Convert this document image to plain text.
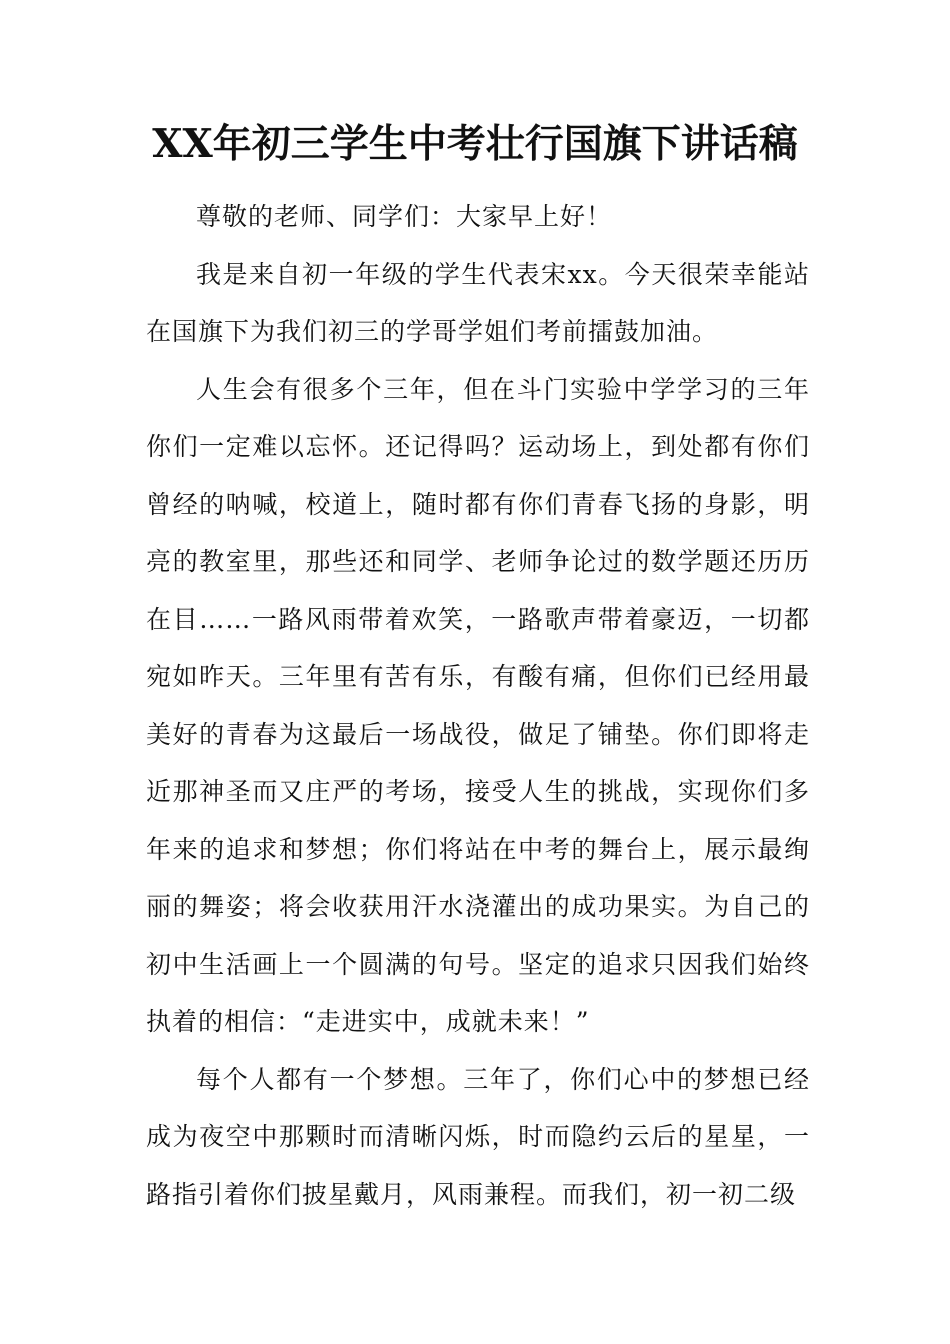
XX年初三学生中考壮行国旗下讲话稿

尊敬的老师、同学们：大家早上好！

我是来自初一年级的学生代表宋xx。今天很荣幸能站在国旗下为我们初三的学哥学姐们考前擂鼓加油。

人生会有很多个三年，但在斗门实验中学学习的三年你们一定难以忘怀。还记得吗？运动场上，到处都有你们曾经的呐喊，校道上，随时都有你们青春飞扬的身影，明亮的教室里，那些还和同学、老师争论过的数学题还历历在目……一路风雨带着欢笑，一路歌声带着豪迈，一切都宛如昨天。三年里有苦有乐，有酸有痛，但你们已经用最美好的青春为这最后一场战役，做足了铺垫。你们即将走近那神圣而又庄严的考场，接受人生的挑战，实现你们多年来的追求和梦想；你们将站在中考的舞台上，展示最绚丽的舞姿；将会收获用汗水浇灌出的成功果实。为自己的初中生活画上一个圆满的句号。坚定的追求只因我们始终执着的相信：“走进实中，成就未来！”

每个人都有一个梦想。三年了，你们心中的梦想已经成为夜空中那颗时而清晰闪烁，时而隐约云后的星星，一路指引着你们披星戴月，风雨兼程。而我们，初一初二级
